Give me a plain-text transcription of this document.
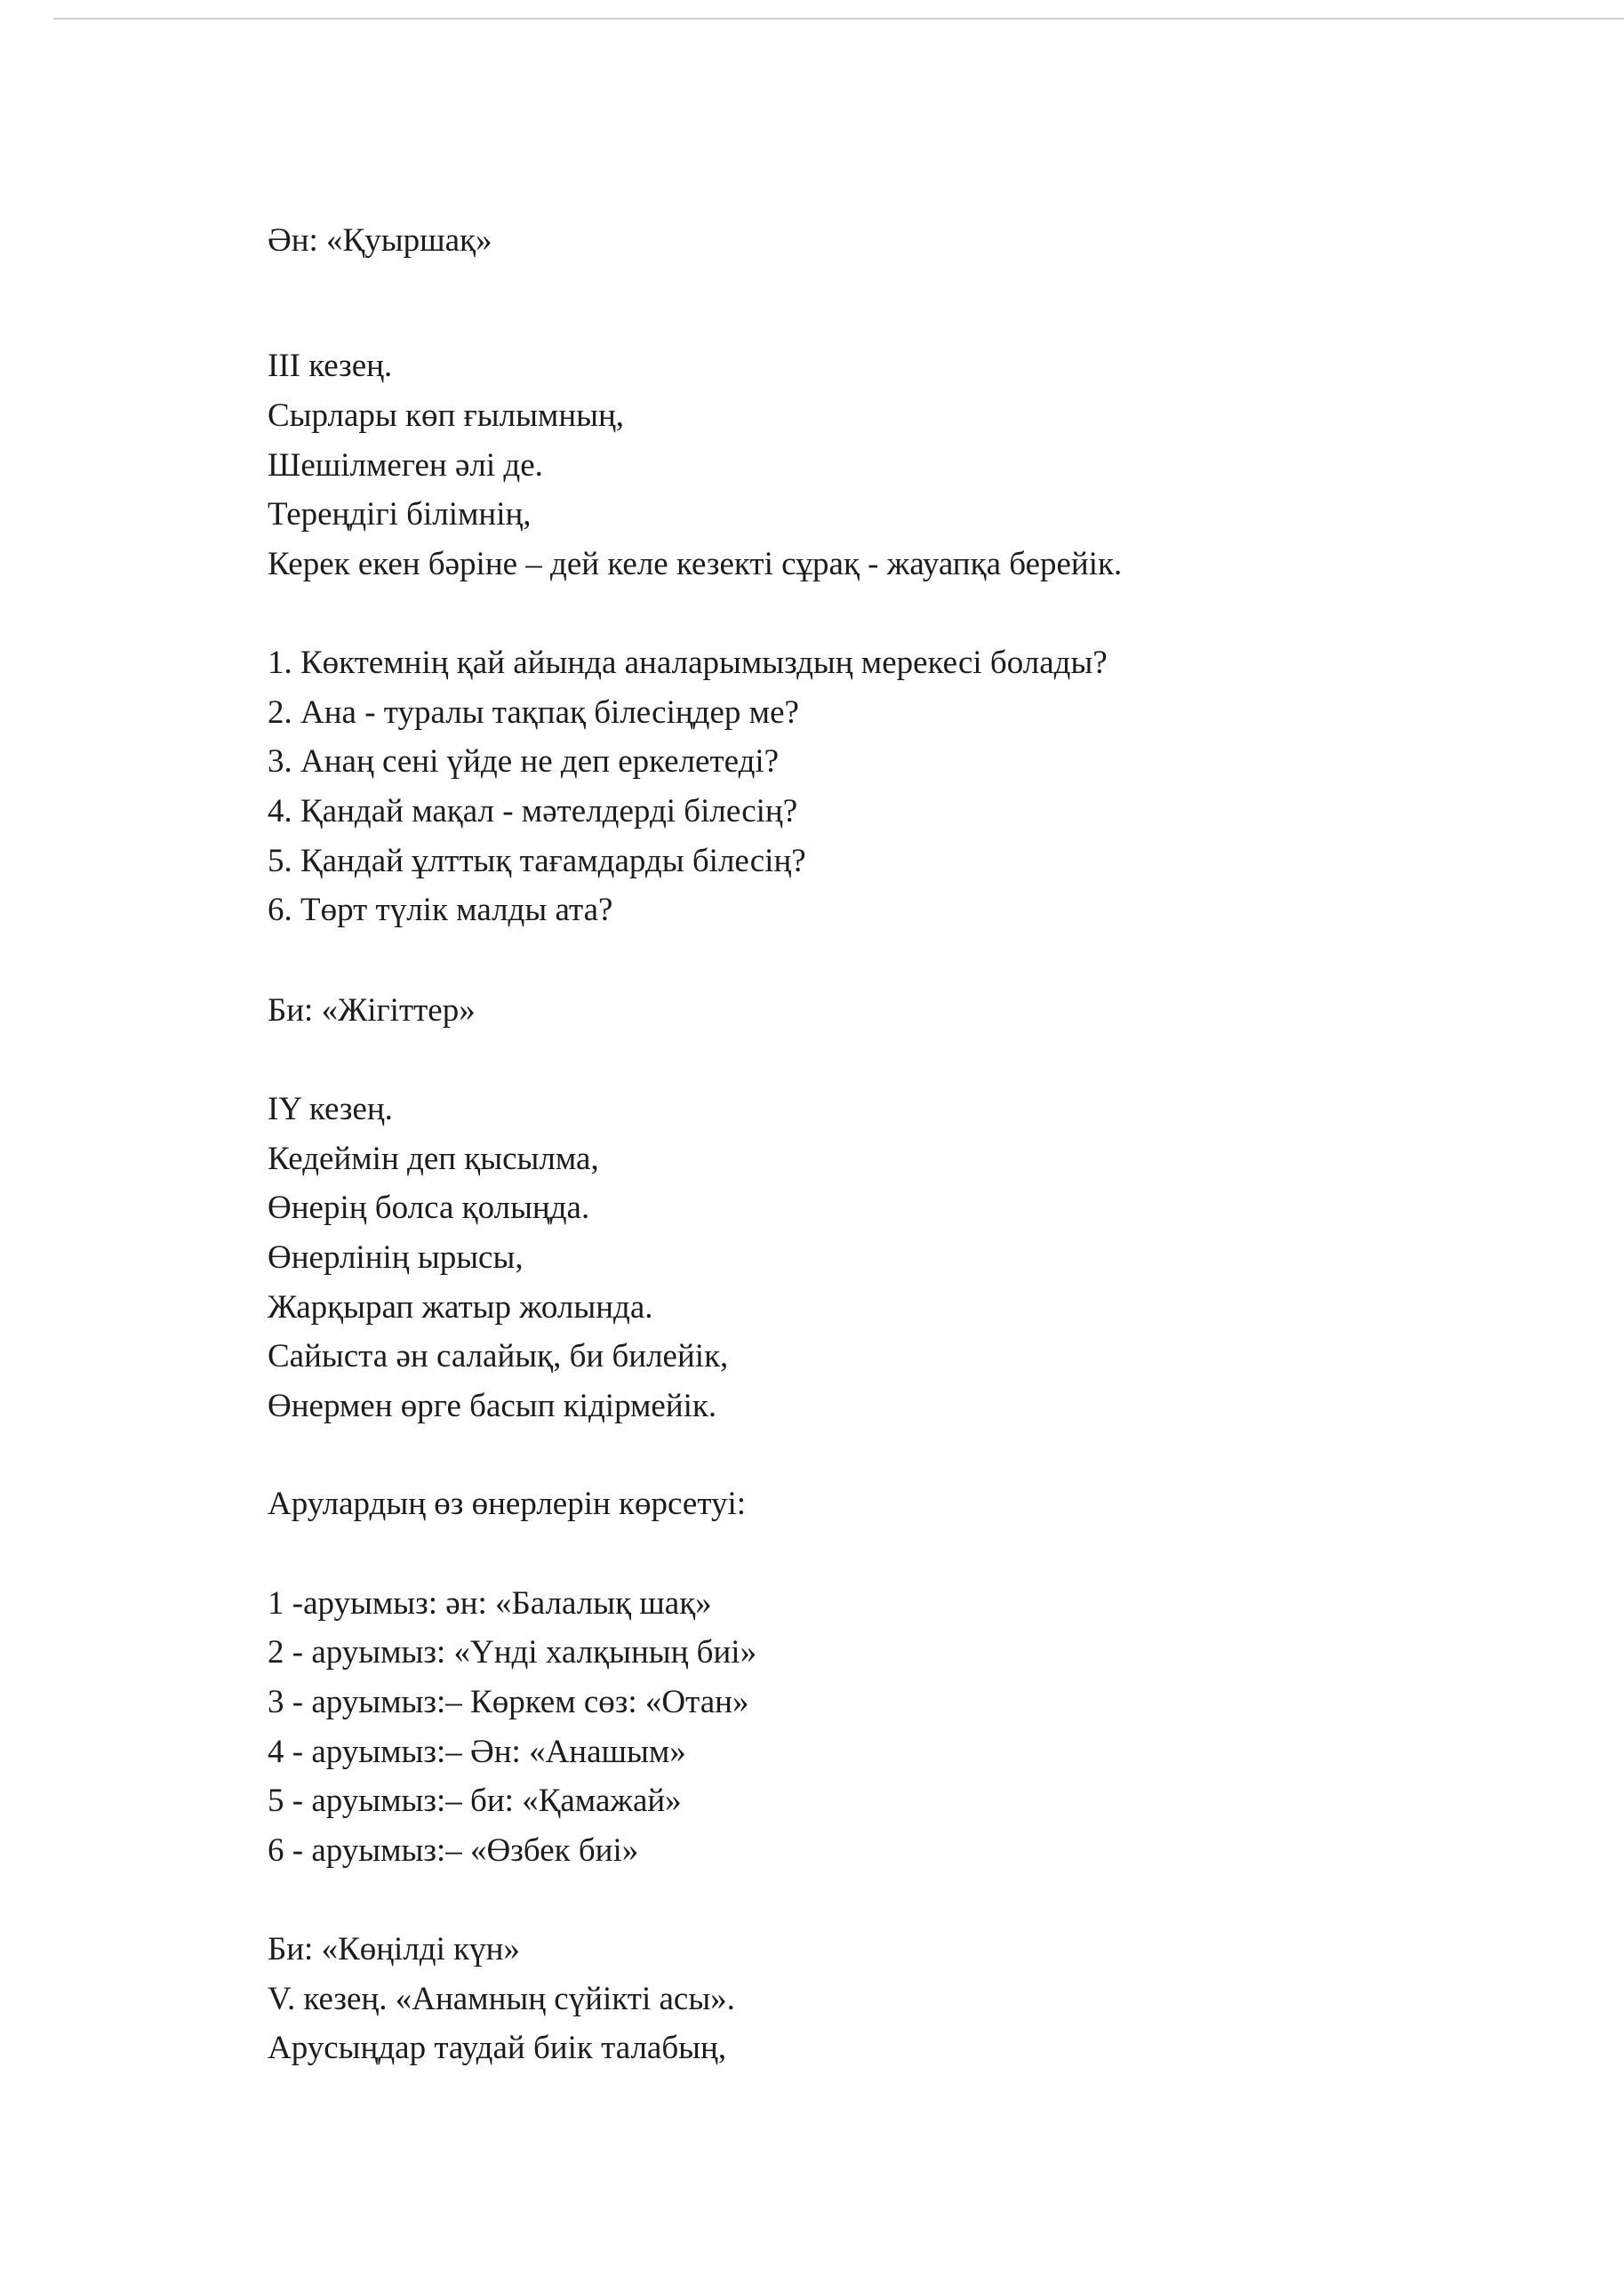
Ән: «Қуыршақ»
III кезең.
Сырлары көп ғылымның,
Шешілмеген әлі де.
Тереңдігі білімнің,
Керек екен бәріне – дей келе кезекті сұрақ - жауапқа берейік.
1. Көктемнің қай айында аналарымыздың мерекесі болады?
2. Ана - туралы тақпақ білесіңдер ме?
3. Анаң сені үйде не деп еркелетеді?
4. Қандай мақал - мәтелдерді білесің?
5. Қандай ұлттық тағамдарды білесің?
6. Төрт түлік малды ата?
Би: «Жігіттер»
IY кезең.
Кедеймін деп қысылма,
Өнерің болса қолыңда.
Өнерлінің ырысы,
Жарқырап жатыр жолында.
Сайыста ән салайық, би билейік,
Өнермен өрге басып кідірмейік.
Арулардың өз өнерлерін көрсетуі:
1 -аруымыз: ән: «Балалық шақ»
2 - аруымыз: «Үнді халқының биі»
3 - аруымыз:– Көркем сөз: «Отан»
4 - аруымыз:– Ән: «Анашым»
5 - аруымыз:– би: «Қамажай»
6 - аруымыз:– «Өзбек биі»
Би: «Көңілді күн»
V. кезең. «Анамның сүйікті асы».
Арусыңдар таудай биік талабың,
